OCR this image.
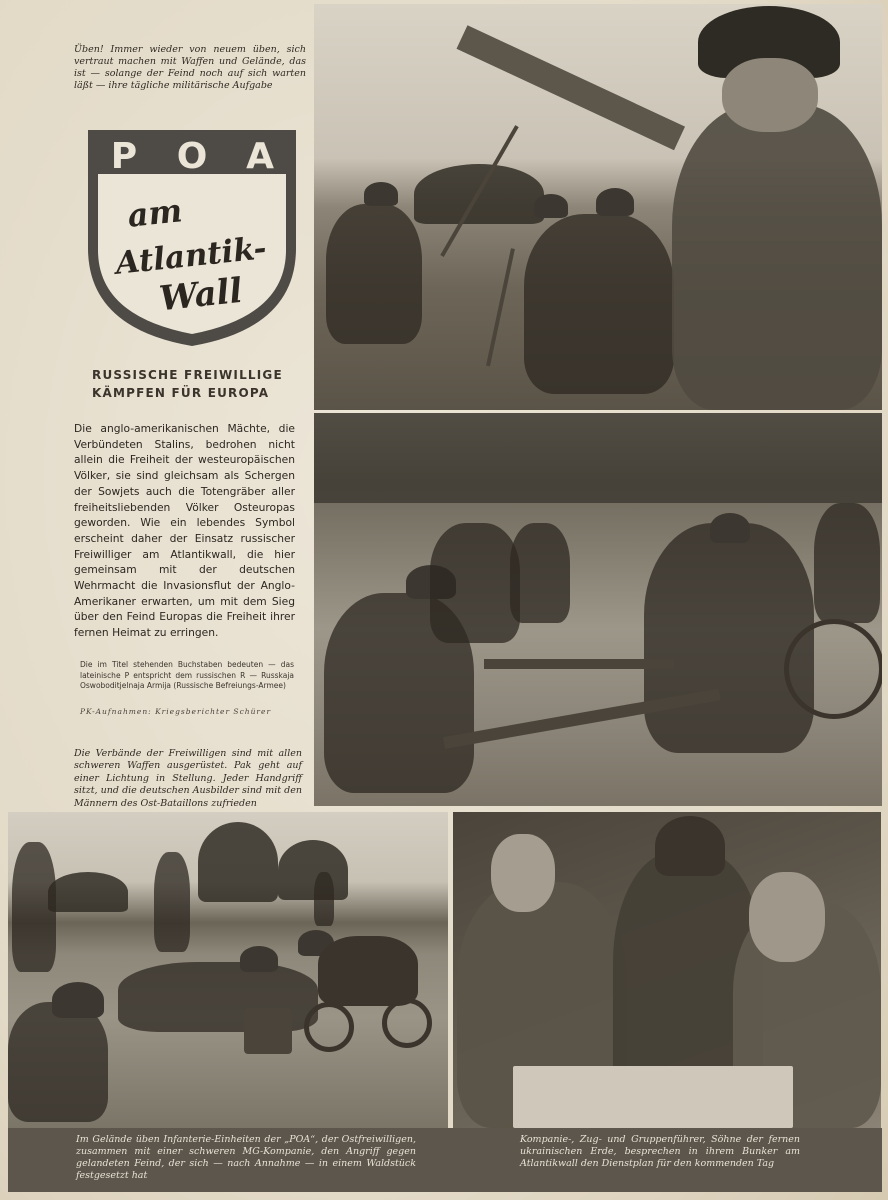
Üben! Immer wieder von neuem üben, sich vertraut machen mit Waffen und Gelände, das ist — solange der Feind noch auf sich warten läßt — ihre tägliche militärische Aufgabe
P O A
am
Atlantik-
Wall
RUSSISCHE FREIWILLIGE
KÄMPFEN FÜR EUROPA
Die anglo-amerikanischen Mächte, die Verbündeten Stalins, bedrohen nicht allein die Freiheit der westeuropäischen Völker, sie sind gleichsam als Schergen der Sowjets auch die Totengräber aller freiheitsliebenden Völker Osteuropas geworden. Wie ein lebendes Symbol erscheint daher der Einsatz russischer Freiwilliger am Atlantikwall, die hier gemeinsam mit der deutschen Wehrmacht die Invasionsflut der Anglo-Amerikaner erwarten, um mit dem Sieg über den Feind Europas die Freiheit ihrer fernen Heimat zu erringen.
Die im Titel stehenden Buchstaben bedeuten — das lateinische P entspricht dem russischen R — Russkaja Oswoboditjelnaja Armija (Russische Befreiungs-Armee)
PK-Aufnahmen: Kriegsberichter Schürer
Die Verbände der Freiwilligen sind mit allen schweren Waffen ausgerüstet. Pak geht auf einer Lichtung in Stellung. Jeder Handgriff sitzt, und die deutschen Ausbilder sind mit den Männern des Ost-Bataillons zufrieden
Im Gelände üben Infanterie-Einheiten der „POA“, der Ostfreiwilligen, zusammen mit einer schweren MG-Kompanie, den Angriff gegen gelandeten Feind, der sich — nach Annahme — in einem Waldstück festgesetzt hat
Kompanie-, Zug- und Gruppenführer, Söhne der fernen ukrainischen Erde, besprechen in ihrem Bunker am Atlantikwall den Dienstplan für den kommenden Tag
